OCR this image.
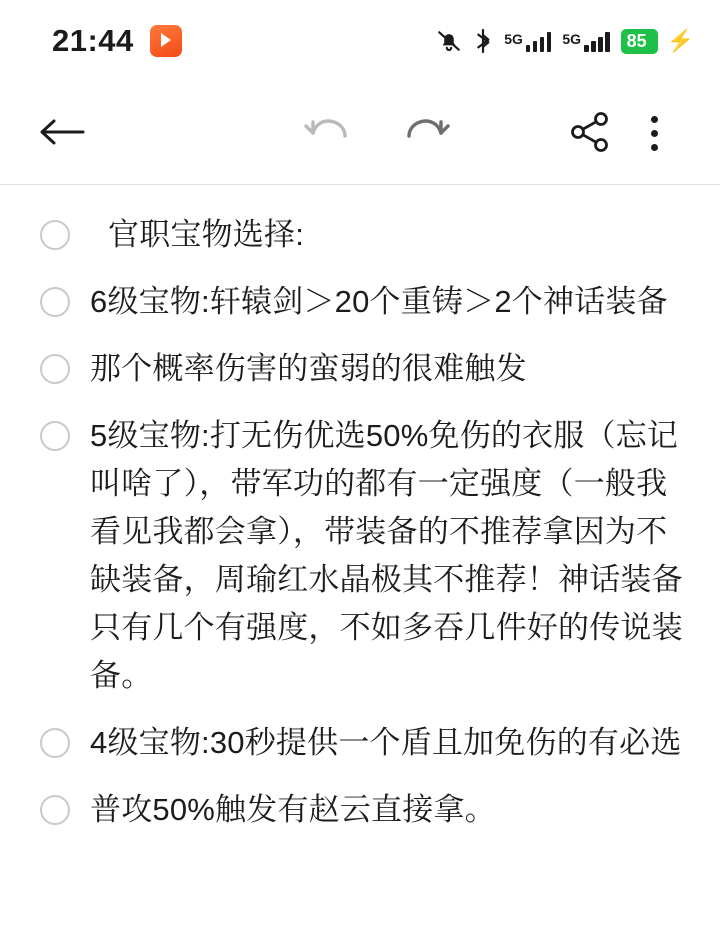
21:44	5G	5G	85 ⚡
官职宝物选择:
6级宝物:轩辕剑＞20个重铸＞2个神话装备
那个概率伤害的蛮弱的很难触发
5级宝物:打无伤优选50%免伤的衣服（忘记叫啥了），带军功的都有一定强度（一般我看见我都会拿），带装备的不推荐拿因为不缺装备，周瑜红水晶极其不推荐！神话装备只有几个有强度，不如多吞几件好的传说装备。
4级宝物:30秒提供一个盾且加免伤的有必选
普攻50%触发有赵云直接拿。
